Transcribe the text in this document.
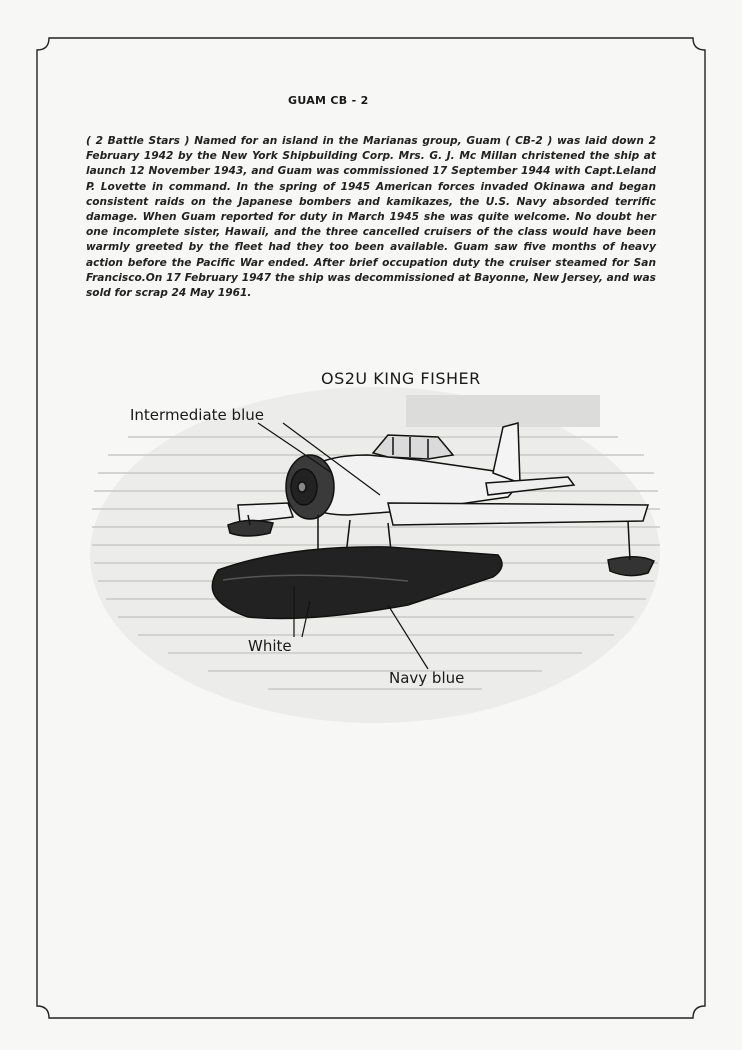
GUAM CB - 2
( 2 Battle Stars ) Named for an island in the Marianas group, Guam ( CB-2 ) was laid down 2 February 1942 by the New York Shipbuilding Corp. Mrs. G. J. Mc Millan christened the ship at launch 12 November 1943, and Guam was commissioned 17 September 1944 with Capt.Leland P. Lovette in command. In the spring of 1945 American forces invaded Okinawa and began consistent raids on the Japanese bombers and kamikazes, the U.S. Navy absorded terrific damage. When Guam reported for duty in March 1945 she was quite welcome. No doubt her one incomplete sister, Hawaii, and the three cancelled cruisers of the class would have been warmly greeted by the fleet had they too been available. Guam saw five months of heavy action before the Pacific War ended. After brief occupation duty the cruiser steamed for San Francisco.On 17 February 1947 the ship was decommissioned at Bayonne, New Jersey, and was sold for scrap 24 May 1961.
OS2U KING FISHER
Intermediate blue
White
Navy blue
